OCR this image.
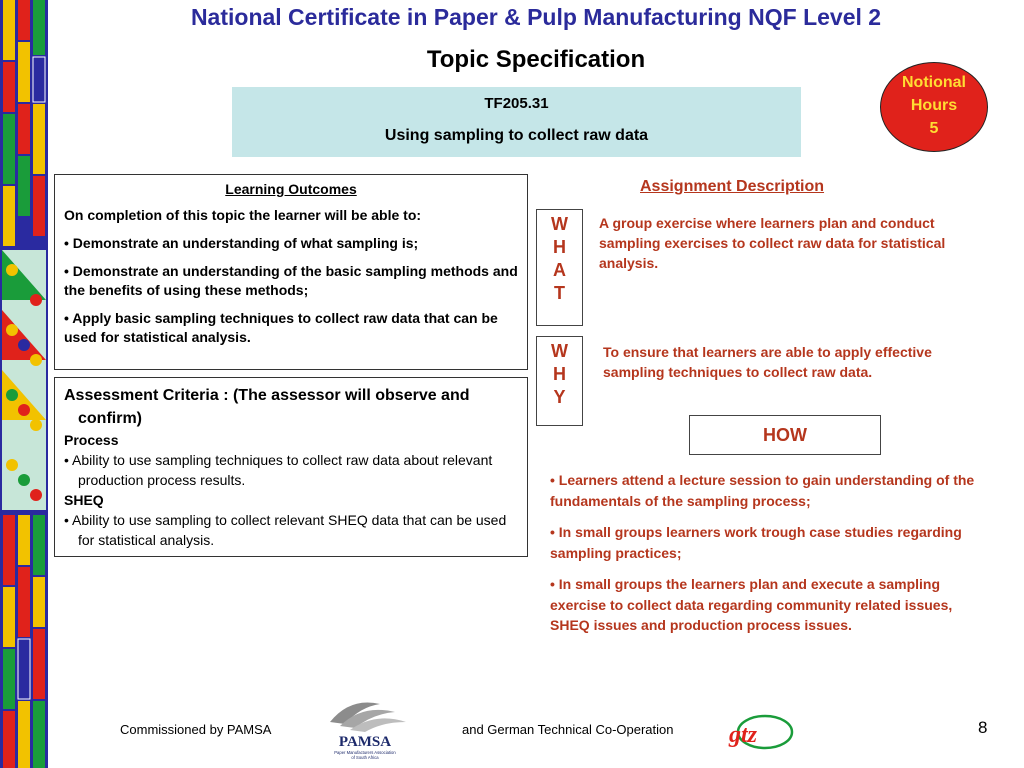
National Certificate in Paper & Pulp Manufacturing NQF Level 2
Topic Specification
Notional
Hours
5
TF205.31
Using sampling to collect raw data
Learning Outcomes

On completion of this topic the learner will be able to:

• Demonstrate an understanding of what sampling is;

• Demonstrate an understanding of the basic sampling methods and the benefits of using these methods;

• Apply basic sampling techniques to collect raw data that can be used for statistical analysis.

Assessment Criteria : (The assessor will observe and confirm)
Process
• Ability to use sampling techniques to collect raw data about relevant production process results.
SHEQ
• Ability to use sampling to collect relevant SHEQ data that can be used for statistical analysis.
Assignment Description
W
H
A
T
A group exercise where learners plan and conduct sampling exercises to collect raw data for statistical analysis.
W
H
Y
To ensure that learners are able to apply effective sampling techniques to collect raw data.
HOW

• Learners attend a lecture session to gain understanding of the fundamentals of the sampling process;

• In small groups learners work trough case studies regarding sampling practices;

• In small groups the learners plan and execute a sampling exercise to collect data regarding community related issues, SHEQ issues and production process issues.

Commissioned by PAMSA
PAMSA
Paper Manufacturers Association
of South Africa
and German Technical Co-Operation gtz	8
